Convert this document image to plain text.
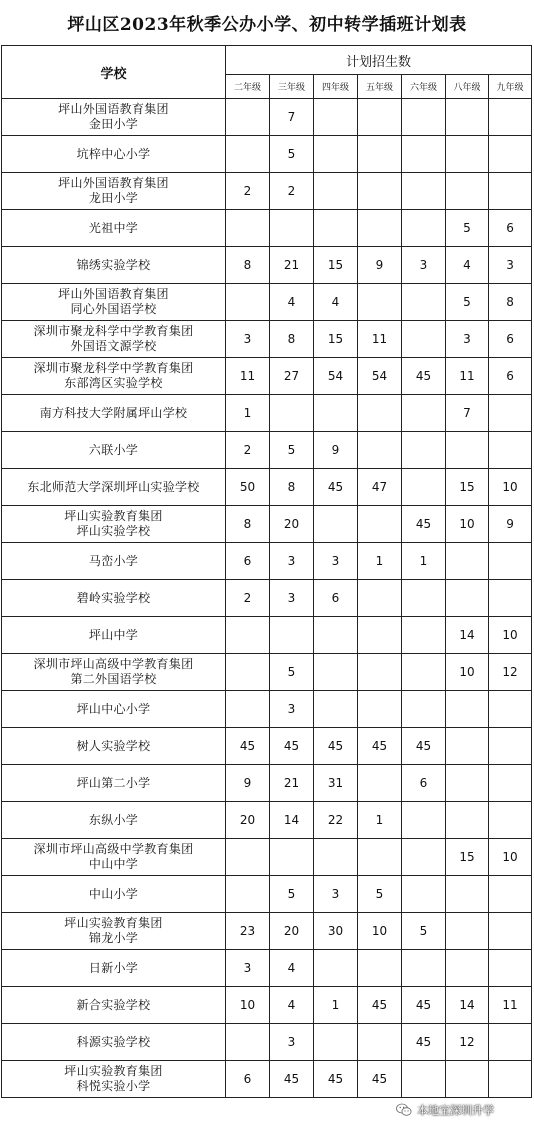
坪山区2023年秋季公办小学、初中转学插班计划表
学校	计划招生数						
	二年级	三年级	四年级	五年级	六年级	八年级	九年级

坪山外国语教育集团
金田小学		7					

坑梓中心小学		5					

坪山外国语教育集团
龙田小学	2	2					

光祖中学						5	6

锦绣实验学校	8	21	15	9	3	4	3

坪山外国语教育集团
同心外国语学校		4	4			5	8

深圳市聚龙科学中学教育集团
外国语文源学校	3	8	15	11		3	6

深圳市聚龙科学中学教育集团
东部湾区实验学校	11	27	54	54	45	11	6

南方科技大学附属坪山学校	1					7	

六联小学	2	5	9				

东北师范大学深圳坪山实验学校	50	8	45	47		15	10

坪山实验教育集团
坪山实验学校	8	20			45	10	9

马峦小学	6	3	3	1	1		

碧岭实验学校	2	3	6				

坪山中学						14	10

深圳市坪山高级中学教育集团
第二外国语学校		5				10	12

坪山中心小学		3					

树人实验学校	45	45	45	45	45		

坪山第二小学	9	21	31		6		

东纵小学	20	14	22	1			

深圳市坪山高级中学教育集团
中山中学						15	10

中山小学		5	3	5			

坪山实验教育集团
锦龙小学	23	20	30	10	5		

日新小学	3	4					

新合实验学校	10	4	1	45	45	14	11

科源实验学校		3			45	12	

坪山实验教育集团
科悦实验小学	6	45	45	45			
本地宝深圳升学
